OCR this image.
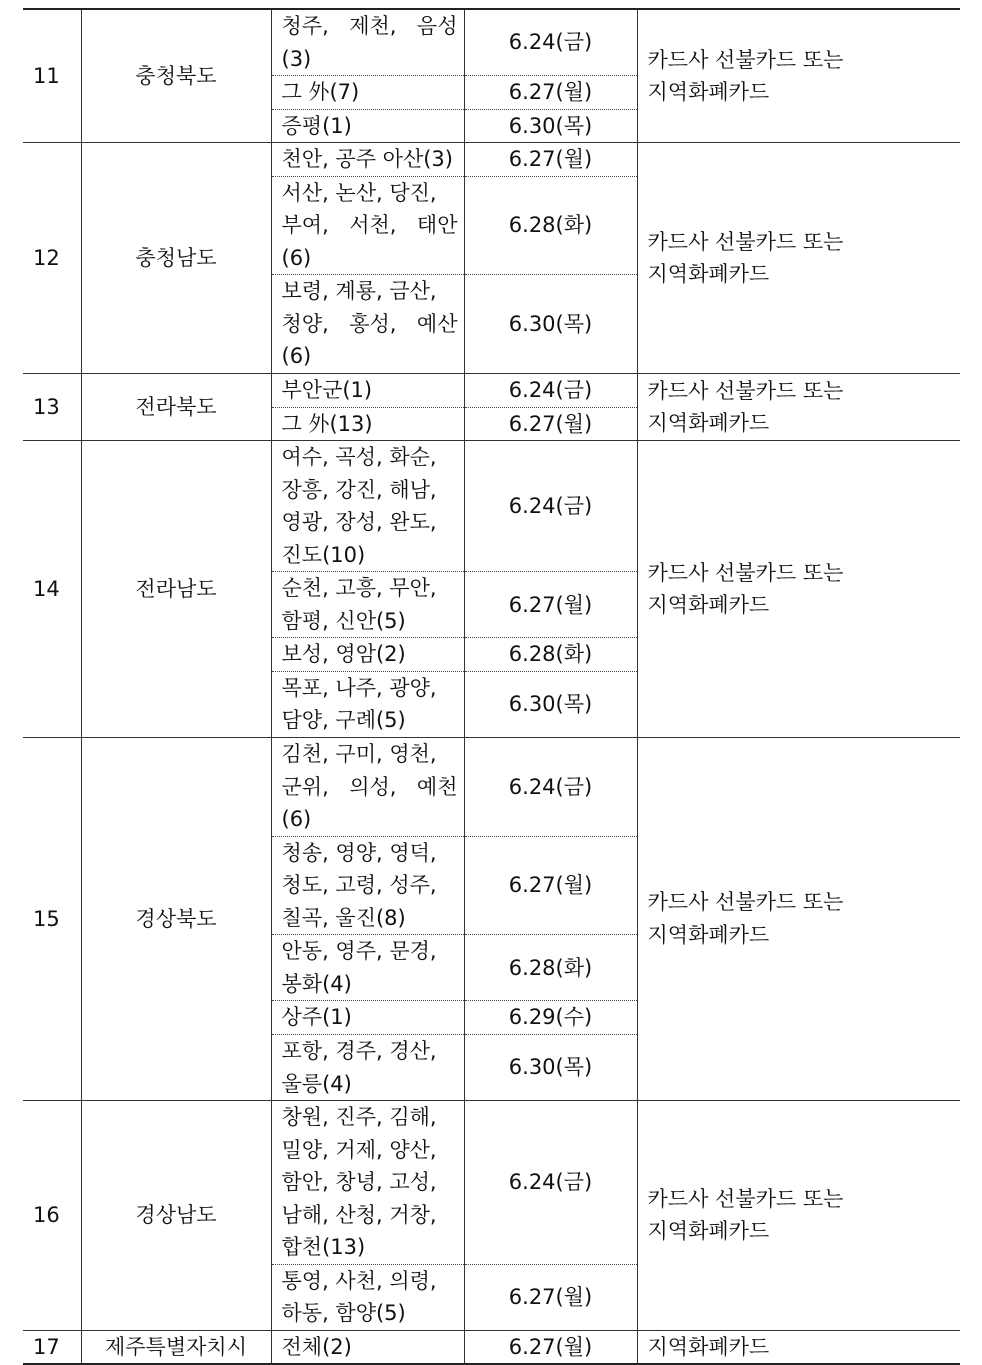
11	충청북도	청주, 제천, 음성(3)	6.24(금)	카드사 선불카드 또는
지역화폐카드

		그 外(7)	6.27(월)	

		증평(1)	6.30(목)	

12	충청남도	천안, 공주 아산(3)	6.27(월)	카드사 선불카드 또는
지역화폐카드

		서산, 논산, 당진,
부여, 서천, 태안(6)	6.28(화)	

		보령, 계룡, 금산,
청양, 홍성, 예산(6)	6.30(목)	

13	전라북도	부안군(1)	6.24(금)	카드사 선불카드 또는
지역화폐카드

		그 外(13)	6.27(월)	

14	전라남도	여수, 곡성, 화순,
장흥, 강진, 해남,
영광, 장성, 완도,
진도(10)	6.24(금)	카드사 선불카드 또는
지역화폐카드

		순천, 고흥, 무안,
함평, 신안(5)	6.27(월)	

		보성, 영암(2)	6.28(화)	

		목포, 나주, 광양,
담양, 구례(5)	6.30(목)	

15	경상북도	김천, 구미, 영천,
군위, 의성, 예천(6)	6.24(금)	카드사 선불카드 또는
지역화폐카드

		청송, 영양, 영덕,
청도, 고령, 성주,
칠곡, 울진(8)	6.27(월)	

		안동, 영주, 문경,
봉화(4)	6.28(화)	

		상주(1)	6.29(수)	

		포항, 경주, 경산,
울릉(4)	6.30(목)	

16	경상남도	창원, 진주, 김해,
밀양, 거제, 양산,
함안, 창녕, 고성,
남해, 산청, 거창,
합천(13)	6.24(금)	카드사 선불카드 또는
지역화폐카드

		통영, 사천, 의령,
하동, 함양(5)	6.27(월)	

17	제주특별자치시	전체(2)	6.27(월)	지역화폐카드
